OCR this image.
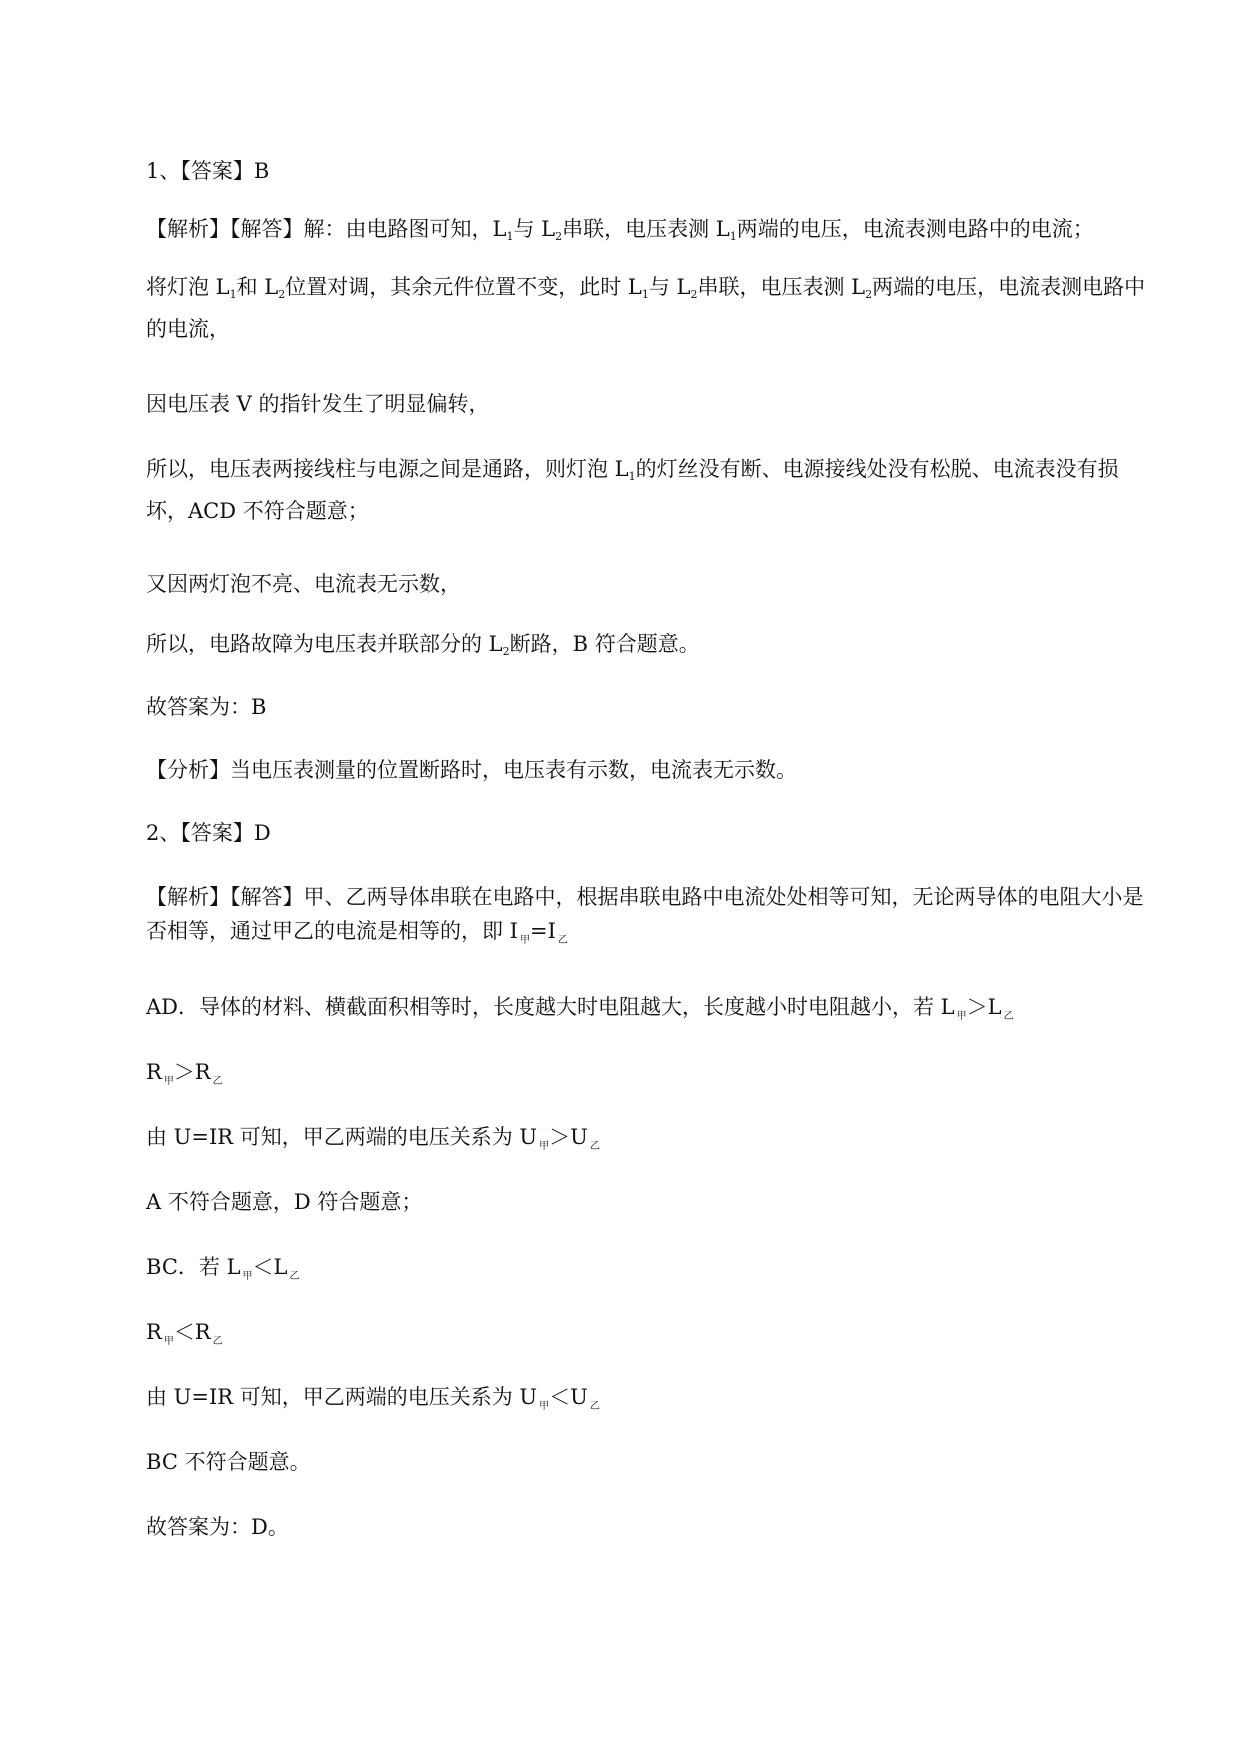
1、【答案】B
【解析】【解答】解：由电路图可知，$L_1$与 $L_2$串联，电压表测 $L_1$两端的电压，电流表测电路中的电流；
将灯泡 $L_1$和 $L_2$位置对调，其余元件位置不变，此时 $L_1$与 $L_2$串联，电压表测 $L_2$两端的电压，电流表测电路中的电流，
因电压表 V 的指针发生了明显偏转，
所以，电压表两接线柱与电源之间是通路，则灯泡 $L_1$的灯丝没有断、电源接线处没有松脱、电流表没有损坏，ACD 不符合题意；
又因两灯泡不亮、电流表无示数，
所以，电路故障为电压表并联部分的 $L_2$断路，B 符合题意。
故答案为：B
【分析】当电压表测量的位置断路时，电压表有示数，电流表无示数。
2、【答案】D
【解析】【解答】甲、乙两导体串联在电路中，根据串联电路中电流处处相等可知，无论两导体的电阻大小是否相等，通过甲乙的电流是相等的，即 I $_甲$=I $_乙$
AD．导体的材料、横截面积相等时，长度越大时电阻越大，长度越小时电阻越小，若 L $_甲$＞L $_乙$
R $_甲$＞R $_乙$
由 U=IR 可知，甲乙两端的电压关系为 U $_甲$＞U $_乙$
A 不符合题意，D 符合题意；
BC．若 L $_甲$＜L $_乙$
R $_甲$＜R $_乙$
由 U=IR 可知，甲乙两端的电压关系为 U $_甲$＜U $_乙$
BC 不符合题意。
故答案为：D。
